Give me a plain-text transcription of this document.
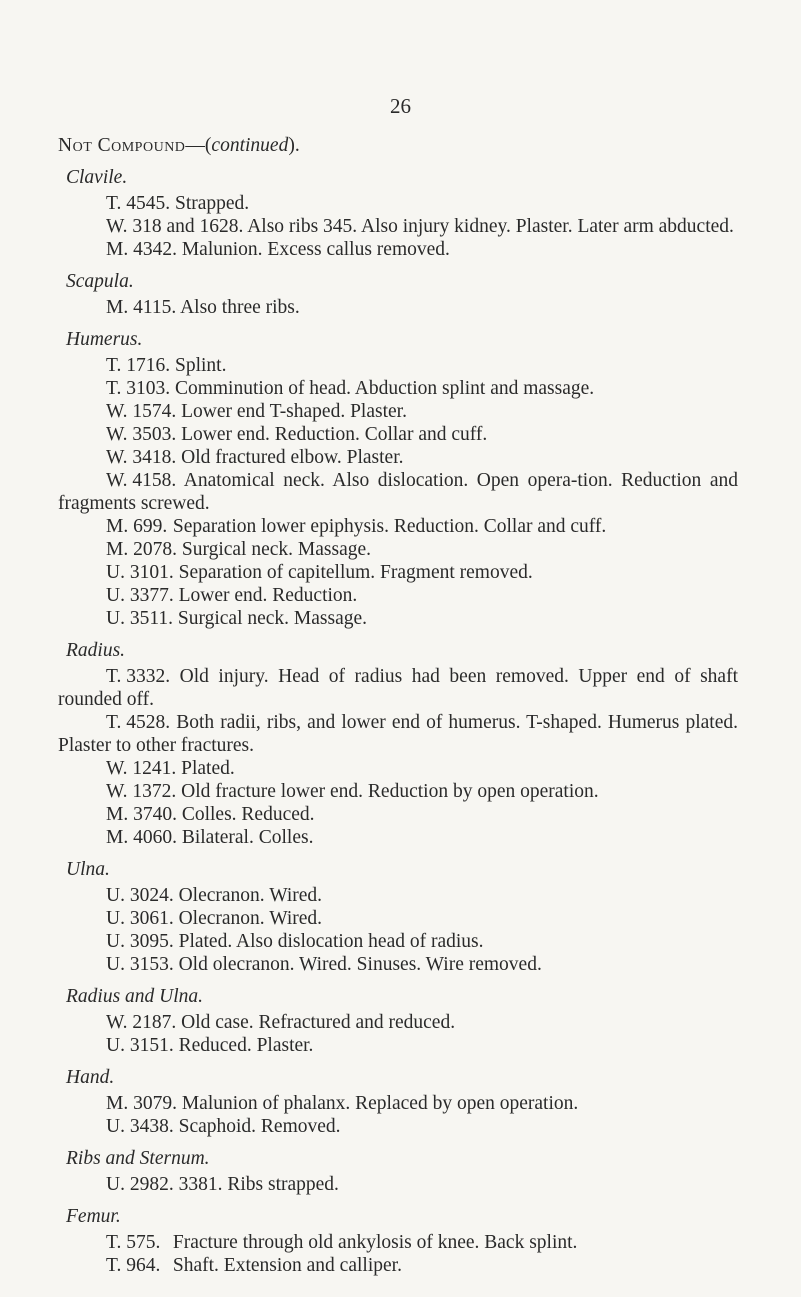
26
Not Compound—(continued).
Clavile.
T. 4545. Strapped.
W. 318 and 1628. Also ribs 345. Also injury kidney. Plaster. Later arm abducted.
M. 4342. Malunion. Excess callus removed.
Scapula.
M. 4115. Also three ribs.
Humerus.
T. 1716. Splint.
T. 3103. Comminution of head. Abduction splint and massage.
W. 1574. Lower end T-shaped. Plaster.
W. 3503. Lower end. Reduction. Collar and cuff.
W. 3418. Old fractured elbow. Plaster.
W. 4158. Anatomical neck. Also dislocation. Open opera-tion. Reduction and fragments screwed.
M. 699. Separation lower epiphysis. Reduction. Collar and cuff.
M. 2078. Surgical neck. Massage.
U. 3101. Separation of capitellum. Fragment removed.
U. 3377. Lower end. Reduction.
U. 3511. Surgical neck. Massage.
Radius.
T. 3332. Old injury. Head of radius had been removed. Upper end of shaft rounded off.
T. 4528. Both radii, ribs, and lower end of humerus. T-shaped. Humerus plated. Plaster to other fractures.
W. 1241. Plated.
W. 1372. Old fracture lower end. Reduction by open operation.
M. 3740. Colles. Reduced.
M. 4060. Bilateral. Colles.
Ulna.
U. 3024. Olecranon. Wired.
U. 3061. Olecranon. Wired.
U. 3095. Plated. Also dislocation head of radius.
U. 3153. Old olecranon. Wired. Sinuses. Wire removed.
Radius and Ulna.
W. 2187. Old case. Refractured and reduced.
U. 3151. Reduced. Plaster.
Hand.
M. 3079. Malunion of phalanx. Replaced by open operation.
U. 3438. Scaphoid. Removed.
Ribs and Sternum.
U. 2982. 3381. Ribs strapped.
Femur.
T. 575. Fracture through old ankylosis of knee. Back splint.
T. 964. Shaft. Extension and calliper.
